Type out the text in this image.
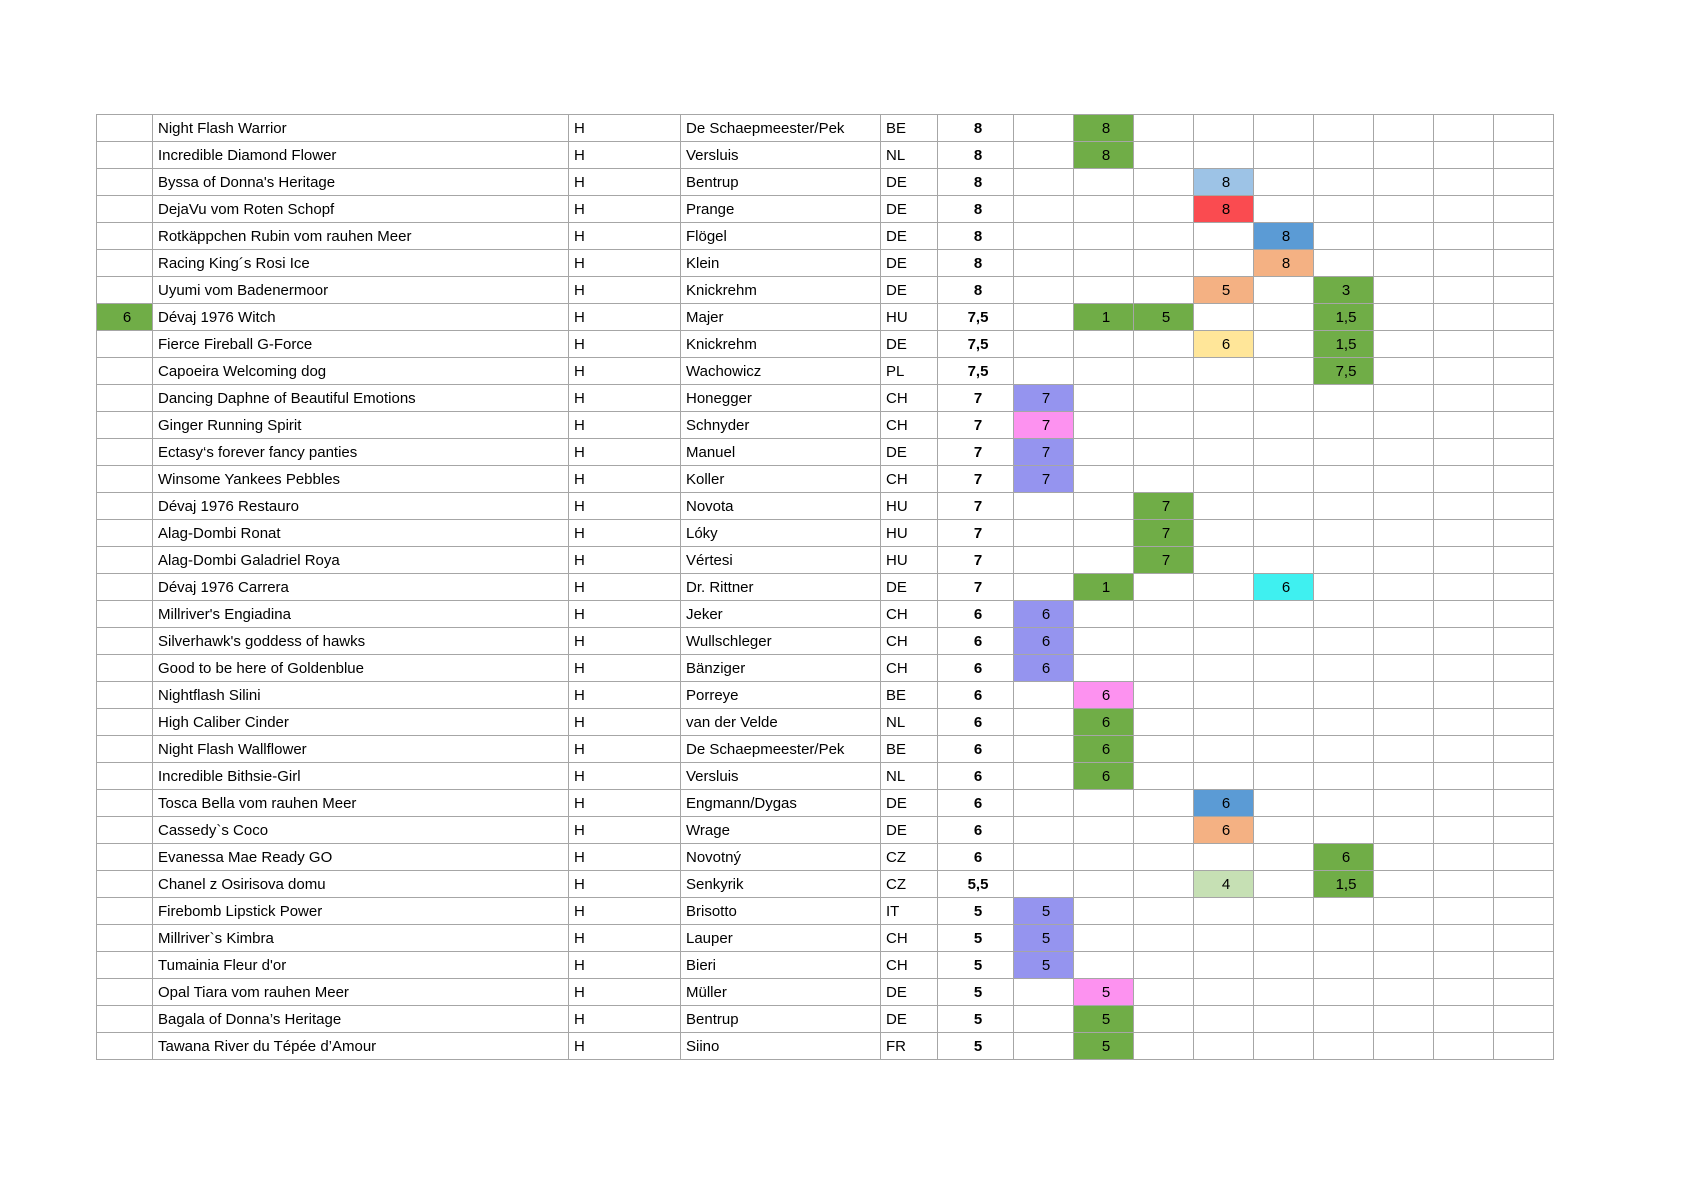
	Night Flash Warrior	H	De Schaepmeester/Pek	BE	8		8							
	Incredible Diamond Flower	H	Versluis	NL	8		8							
	Byssa of Donna's Heritage	H	Bentrup	DE	8				8					
	DejaVu vom Roten Schopf	H	Prange	DE	8				8					
	Rotkäppchen Rubin vom rauhen Meer	H	Flögel	DE	8					8				
	Racing King´s Rosi Ice	H	Klein	DE	8					8				
	Uyumi vom Badenermoor	H	Knickrehm	DE	8				5		3			
6	Dévaj 1976 Witch	H	Majer	HU	7,5		1	5			1,5			
	Fierce Fireball G-Force	H	Knickrehm	DE	7,5				6		1,5			
	Capoeira Welcoming dog	H	Wachowicz	PL	7,5						7,5			
	Dancing Daphne of Beautiful Emotions	H	Honegger	CH	7	7								
	Ginger Running Spirit	H	Schnyder	CH	7	7								
	Ectasy‘s forever fancy panties	H	Manuel	DE	7	7								
	Winsome Yankees Pebbles	H	Koller	CH	7	7								
	Dévaj 1976 Restauro	H	Novota	HU	7			7						
	Alag-Dombi Ronat	H	Lóky	HU	7			7						
	Alag-Dombi Galadriel Roya	H	Vértesi	HU	7			7						
	Dévaj 1976 Carrera	H	Dr. Rittner	DE	7		1			6				
	Millriver's Engiadina	H	Jeker	CH	6	6								
	Silverhawk's goddess of hawks	H	Wullschleger	CH	6	6								
	Good to be here of Goldenblue	H	Bänziger	CH	6	6								
	Nightflash Silini	H	Porreye	BE	6		6							
	High Caliber Cinder	H	van der Velde	NL	6		6							
	Night Flash Wallflower	H	De Schaepmeester/Pek	BE	6		6							
	Incredible Bithsie-Girl	H	Versluis	NL	6		6							
	Tosca Bella vom rauhen Meer	H	Engmann/Dygas	DE	6				6					
	Cassedy`s Coco	H	Wrage	DE	6				6					
	Evanessa Mae Ready GO	H	Novotný	CZ	6						6			
	Chanel z Osirisova domu	H	Senkyrik	CZ	5,5				4		1,5			
	Firebomb Lipstick Power	H	Brisotto	IT	5	5								
	Millriver`s Kimbra	H	Lauper	CH	5	5								
	Tumainia Fleur d'or	H	Bieri	CH	5	5								
	Opal Tiara vom rauhen Meer	H	Müller	DE	5		5							
	Bagala of Donna’s Heritage	H	Bentrup	DE	5		5							
	Tawana River du Tépée d’Amour	H	Siino	FR	5		5							
